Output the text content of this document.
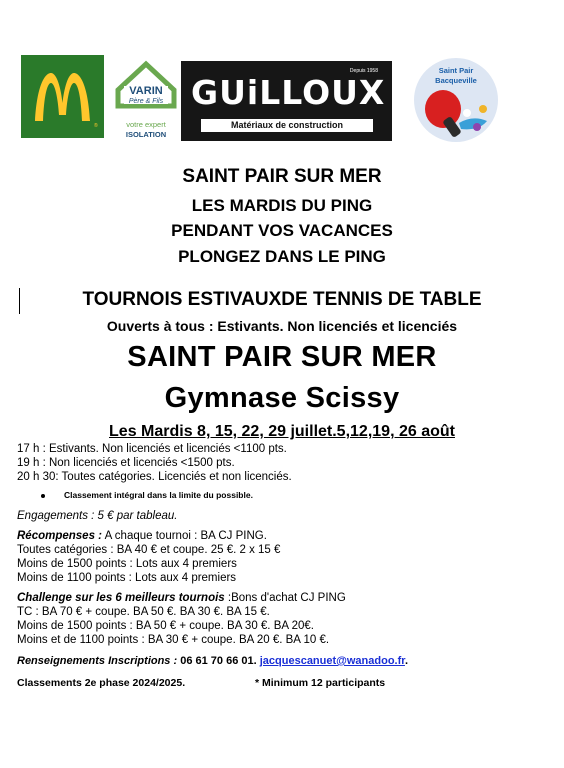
®
VARIN
Père & Fils
votre expert
ISOLATION
Depuis 1958
GUiLLOUX
Matériaux de construction
Saint Pair
Bacqueville
SAINT PAIR SUR MER
LES MARDIS DU PING
PENDANT VOS VACANCES
PLONGEZ DANS LE PING
TOURNOIS ESTIVAUXDE TENNIS DE TABLE
Ouverts à tous : Estivants. Non licenciés et licenciés
SAINT PAIR SUR MER
Gymnase Scissy
Les Mardis 8, 15, 22, 29 juillet.5,12,19, 26 août
17 h : Estivants. Non licenciés et licenciés <1100 pts.
19 h : Non licenciés et licenciés <1500 pts.
20 h 30: Toutes catégories. Licenciés et non licenciés.
Classement intégral dans la limite du possible.
Engagements : 5 € par tableau.
Récompenses : A chaque tournoi : BA CJ PING.
Toutes catégories : BA 40 € et coupe. 25 €. 2 x 15 €
Moins de 1500 points : Lots aux 4 premiers
Moins de 1100 points : Lots aux 4 premiers
Challenge sur les 6 meilleurs tournois :Bons d'achat CJ PING
TC : BA 70 € + coupe. BA 50 €. BA 30 €. BA 15 €.
Moins de 1500 points : BA 50 € + coupe. BA 30 €. BA 20€.
Moins et de 1100 points : BA 30 € + coupe. BA 20 €. BA 10 €.
Renseignements Inscriptions : 06 61 70 66 01. jacquescanuet@wanadoo.fr.
Classements 2e phase 2024/2025.	* Minimum 12 participants
